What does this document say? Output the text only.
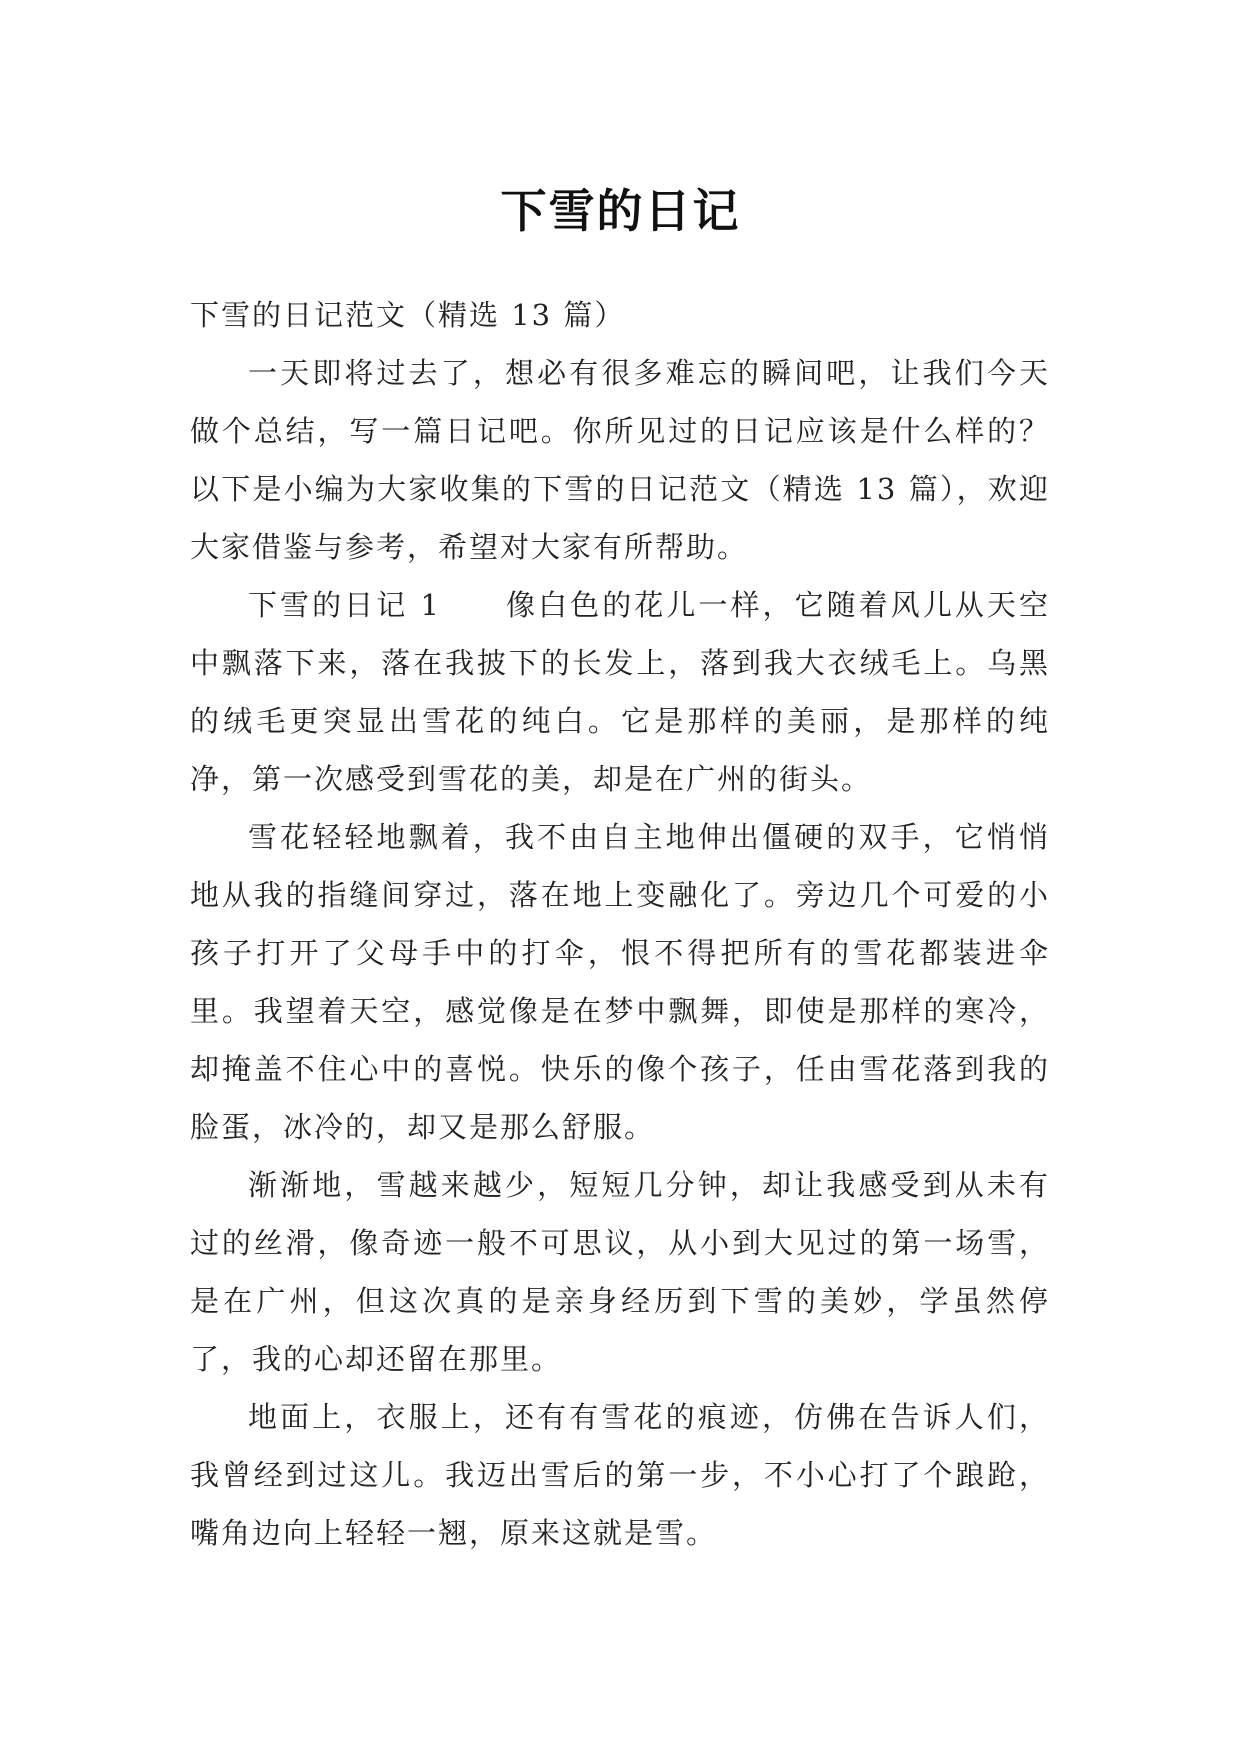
下雪的日记

下雪的日记范文（精选 13 篇）

一天即将过去了，想必有很多难忘的瞬间吧，让我们今天做个总结，写一篇日记吧。你所见过的日记应该是什么样的？以下是小编为大家收集的下雪的日记范文（精选 13 篇），欢迎大家借鉴与参考，希望对大家有所帮助。

下雪的日记 1 像白色的花儿一样，它随着风儿从天空中飘落下来，落在我披下的长发上，落到我大衣绒毛上。乌黑的绒毛更突显出雪花的纯白。它是那样的美丽，是那样的纯净，第一次感受到雪花的美，却是在广州的街头。

雪花轻轻地飘着，我不由自主地伸出僵硬的双手，它悄悄地从我的指缝间穿过，落在地上变融化了。旁边几个可爱的小孩子打开了父母手中的打伞，恨不得把所有的雪花都装进伞里。我望着天空，感觉像是在梦中飘舞，即使是那样的寒冷，却掩盖不住心中的喜悦。快乐的像个孩子，任由雪花落到我的脸蛋，冰冷的，却又是那么舒服。

渐渐地，雪越来越少，短短几分钟，却让我感受到从未有过的丝滑，像奇迹一般不可思议，从小到大见过的第一场雪，是在广州，但这次真的是亲身经历到下雪的美妙，学虽然停了，我的心却还留在那里。

地面上，衣服上，还有有雪花的痕迹，仿佛在告诉人们，我曾经到过这儿。我迈出雪后的第一步，不小心打了个踉跄，嘴角边向上轻轻一翘，原来这就是雪。
